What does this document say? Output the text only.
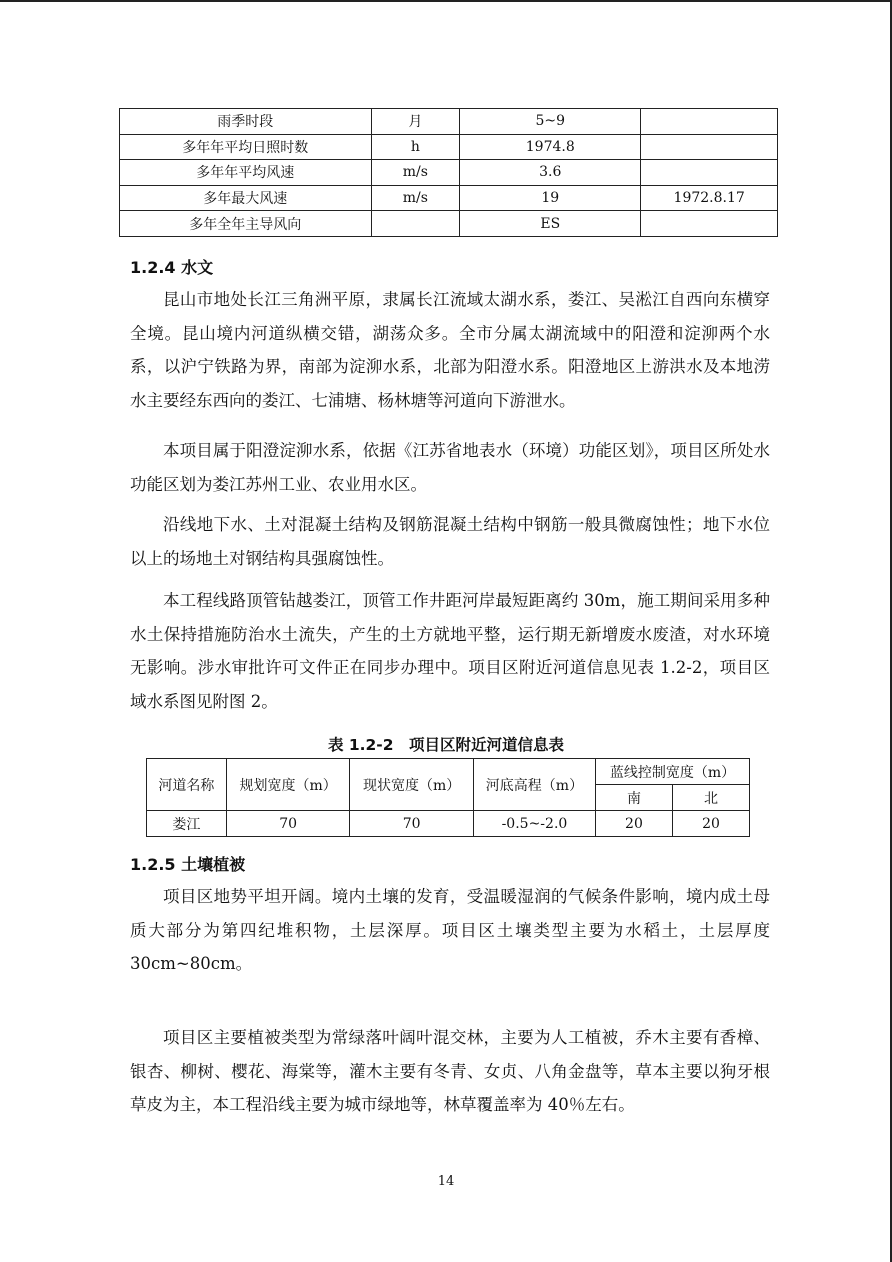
雨季时段	月	5~9	
多年年平均日照时数	h	1974.8	
多年年平均风速	m/s	3.6	
多年最大风速	m/s	19	1972.8.17
多年全年主导风向		ES	
1.2.4 水文

昆山市地处长江三角洲平原，隶属长江流域太湖水系，娄江、吴淞江自西向东横穿全境。昆山境内河道纵横交错，湖荡众多。全市分属太湖流域中的阳澄和淀泖两个水系，以沪宁铁路为界，南部为淀泖水系，北部为阳澄水系。阳澄地区上游洪水及本地涝水主要经东西向的娄江、七浦塘、杨林塘等河道向下游泄水。

本项目属于阳澄淀泖水系，依据《江苏省地表水（环境）功能区划》，项目区所处水功能区划为娄江苏州工业、农业用水区。

沿线地下水、土对混凝土结构及钢筋混凝土结构中钢筋一般具微腐蚀性；地下水位以上的场地土对钢结构具强腐蚀性。

本工程线路顶管钻越娄江，顶管工作井距河岸最短距离约 30m，施工期间采用多种水土保持措施防治水土流失，产生的土方就地平整，运行期无新增废水废渣，对水环境无影响。涉水审批许可文件正在同步办理中。项目区附近河道信息见表 1.2-2，项目区域水系图见附图 2。

表 1.2-2　项目区附近河道信息表
河道名称	规划宽度（m）	现状宽度（m）	河底高程（m）	蓝线控制宽度（m）	
				南	北
娄江	70	70	-0.5~-2.0	20	20
1.2.5 土壤植被

项目区地势平坦开阔。境内土壤的发育，受温暖湿润的气候条件影响，境内成土母质大部分为第四纪堆积物，土层深厚。项目区土壤类型主要为水稻土，土层厚度 30cm~80cm。

项目区主要植被类型为常绿落叶阔叶混交林，主要为人工植被，乔木主要有香樟、银杏、柳树、樱花、海棠等，灌木主要有冬青、女贞、八角金盘等，草本主要以狗牙根草皮为主，本工程沿线主要为城市绿地等，林草覆盖率为 40％左右。

14
